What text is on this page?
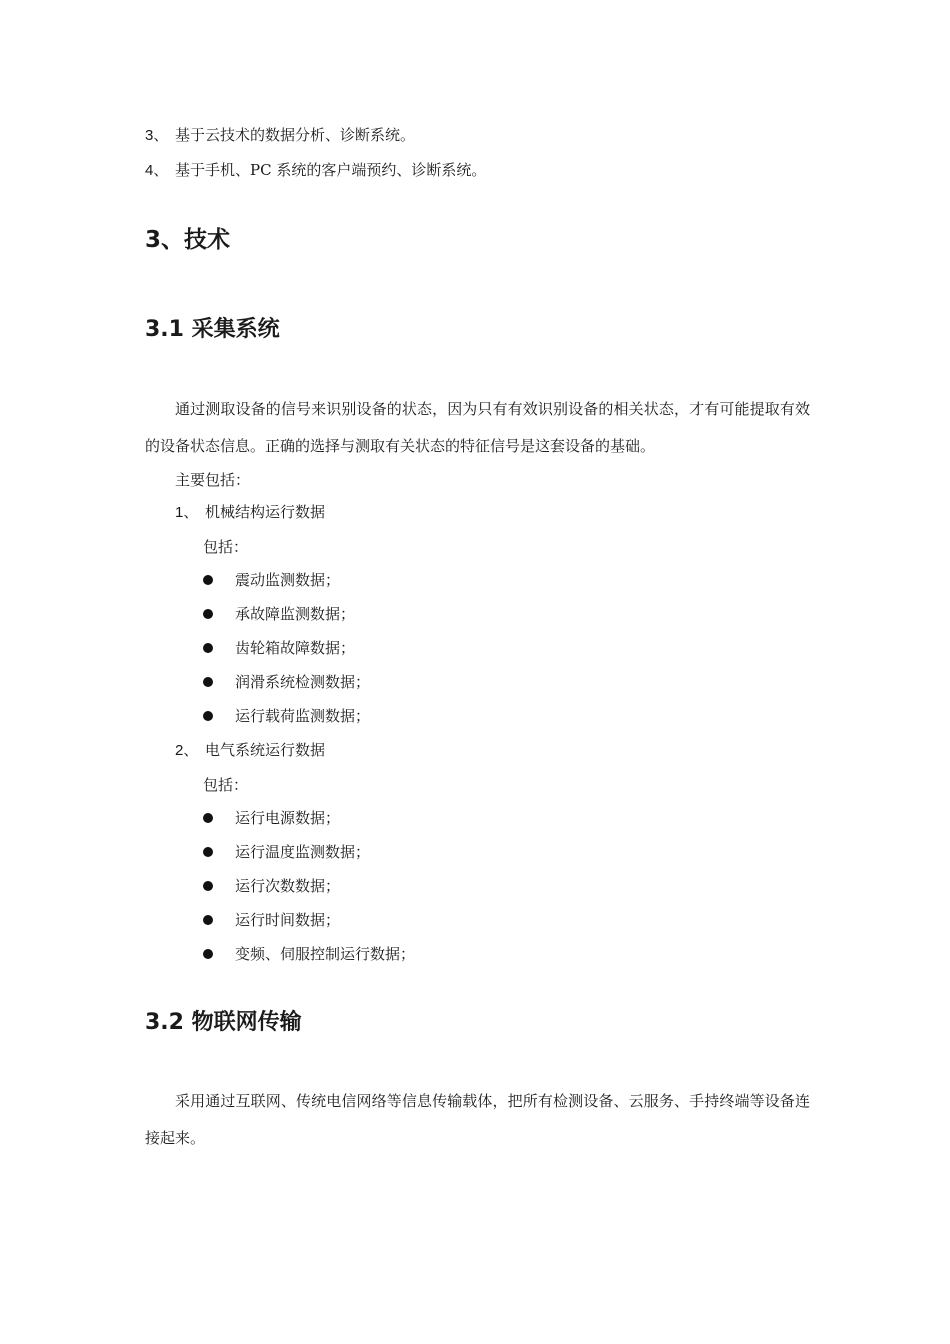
3、 基于云技术的数据分析、诊断系统。
4、 基于手机、PC 系统的客户端预约、诊断系统。
3、技术
3.1 采集系统
通过测取设备的信号来识别设备的状态，因为只有有效识别设备的相关状态，才有可能提取有效的设备状态信息。正确的选择与测取有关状态的特征信号是这套设备的基础。
主要包括：
1、 机械结构运行数据
包括：
震动监测数据；
承故障监测数据；
齿轮箱故障数据；
润滑系统检测数据；
运行载荷监测数据；
2、 电气系统运行数据
包括：
运行电源数据；
运行温度监测数据；
运行次数数据；
运行时间数据；
变频、伺服控制运行数据；
3.2 物联网传输
采用通过互联网、传统电信网络等信息传输载体，把所有检测设备、云服务、手持终端等设备连接起来。
